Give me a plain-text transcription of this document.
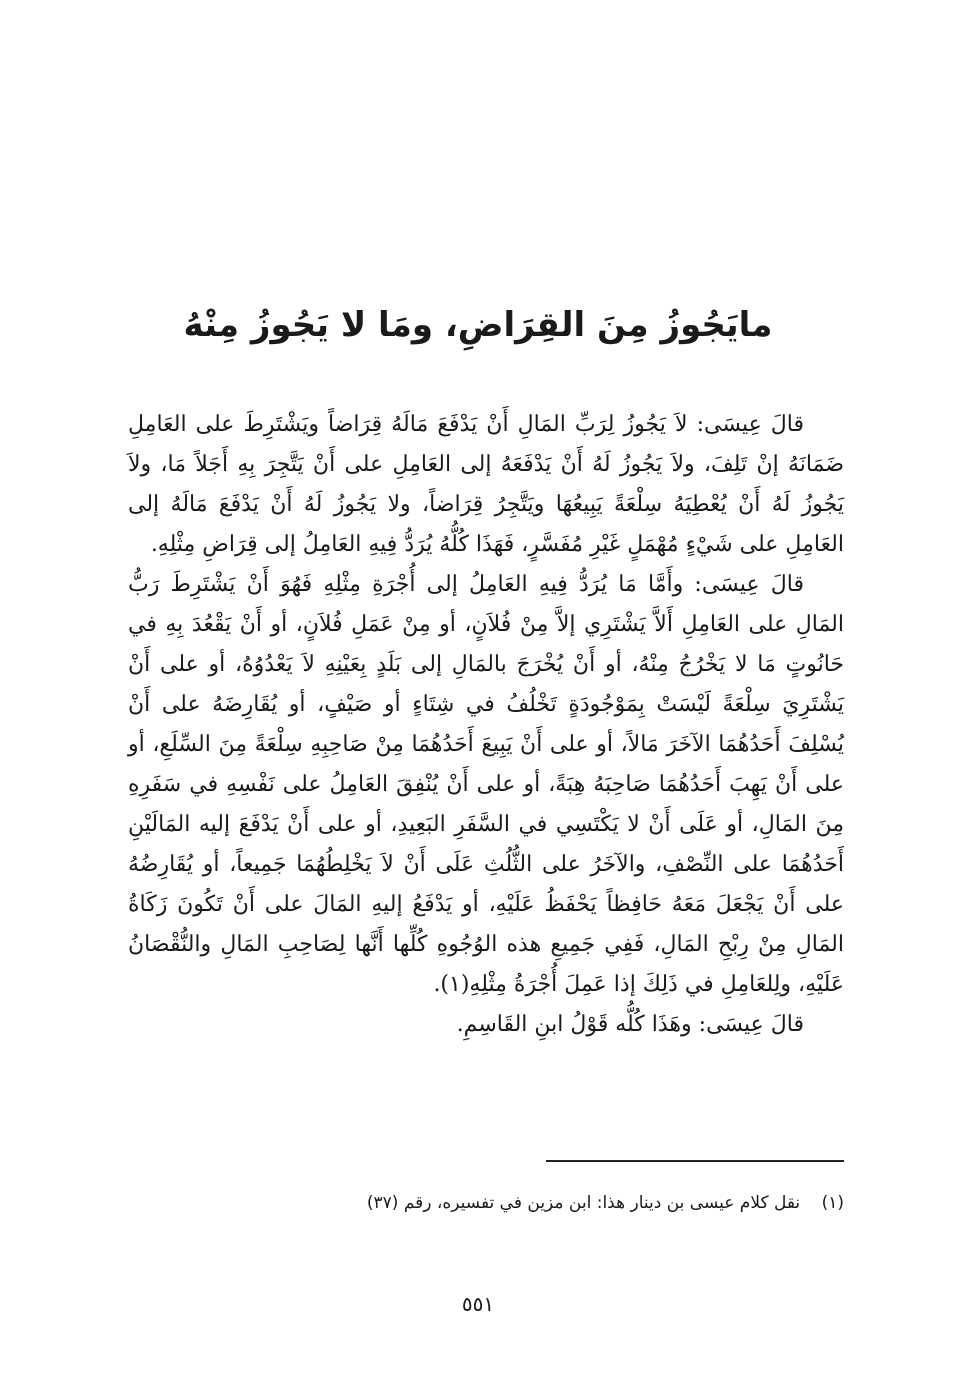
مايَجُوزُ مِنَ القِرَاضِ، ومَا لا يَجُوزُ مِنْهُ

قالَ عِيسَى: لاَ يَجُوزُ لِرَبِّ المَالِ أَنْ يَدْفَعَ مَالَهُ قِرَاضاً ويَشْتَرِطَ على العَامِلِ ضَمَانَهُ إنْ تَلِفَ، ولاَ يَجُوزُ لَهُ أَنْ يَدْفَعَهُ إلى العَامِلِ على أَنْ يَتَّجِرَ بِهِ أَجَلاً مَا، ولاَ يَجُوزُ لَهُ أَنْ يُعْطِيَهُ سِلْعَةً يَبِيعُهَا ويَتَّجِرُ قِرَاضاً، ولا يَجُوزُ لَهُ أَنْ يَدْفَعَ مَالَهُ إلى العَامِلِ على شَيْءٍ مُهْمَلٍ غَيْرِ مُفَسَّرٍ، فَهَذَا كُلُّهُ يُرَدُّ فِيهِ العَامِلُ إلى قِرَاضِ مِثْلِهِ.

قالَ عِيسَى: وأَمَّا مَا يُرَدُّ فِيهِ العَامِلُ إلى أُجْرَةِ مِثْلِهِ فَهُوَ أَنْ يَشْتَرِطَ رَبُّ المَالِ على العَامِلِ أَلاَّ يَشْتَرِي إلاَّ مِنْ فُلاَنٍ، أو مِنْ عَمَلِ فُلاَنٍ، أو أَنْ يَقْعُدَ بِهِ في حَانُوتٍ مَا لا يَخْرُجُ مِنْهُ، أو أَنْ يُخْرَجَ بالمَالِ إلى بَلَدٍ بِعَيْنِهِ لاَ يَعْدُوُهُ، أو على أَنْ يَشْتَرِيَ سِلْعَةً لَيْسَتْ بِمَوْجُودَةٍ تَخْلُفُ في شِتَاءٍ أو صَيْفٍ، أو يُقَارِضَهُ على أَنْ يُسْلِفَ أَحَدُهُمَا الآخَرَ مَالاً، أو على أَنْ يَبِيعَ أَحَدُهُمَا مِنْ صَاحِبِهِ سِلْعَةً مِنَ السِّلَعِ، أو على أَنْ يَهِبَ أَحَدُهُمَا صَاحِبَهُ هِبَةً، أو على أَنْ يُنْفِقَ العَامِلُ على نَفْسِهِ في سَفَرِهِ مِنَ المَالِ، أو عَلَى أَنْ لا يَكْتَسِي في السَّفَرِ البَعِيدِ، أو على أَنْ يَدْفَعَ إليه المَالَيْنِ أَحَدُهُمَا على النِّصْفِ، والآخَرُ على الثُّلُثِ عَلَى أَنْ لاَ يَخْلِطُهُمَا جَمِيعاً، أو يُقَارِضُهُ على أَنْ يَجْعَلَ مَعَهُ حَافِظاً يَحْفَظُ عَلَيْهِ، أو يَدْفَعُ إليهِ المَالَ على أَنْ تَكُونَ زَكَاةُ المَالِ مِنْ رِبْحِ المَالِ، فَفِي جَمِيعِ هذه الوُجُوهِ كُلِّها أَنَّها لِصَاحِبِ المَالِ والنُّقْصَانُ عَلَيْهِ، ولِلعَامِلِ في ذَلِكَ إذا عَمِلَ أُجْرَةُ مِثْلِهِ(١).

قالَ عِيسَى: وهَذَا كُلُّه قَوْلُ ابنِ القَاسِمِ.

(١) نقل كلام عيسى بن دينار هذا: ابن مزين في تفسيره، رقم (٣٧)
٥٥١
